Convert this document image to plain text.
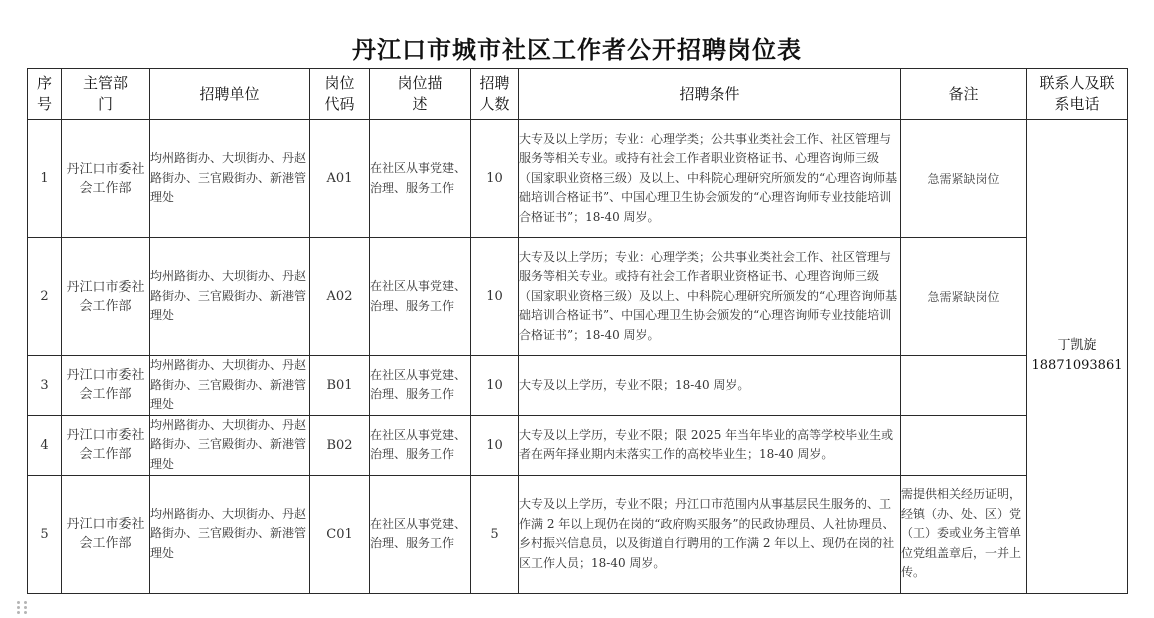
丹江口市城市社区工作者公开招聘岗位表
序号	主管部门	招聘单位	岗位代码	岗位描述	招聘人数	招聘条件	备注	联系人及联系电话
1	丹江口市委社会工作部	均州路街办、大坝街办、丹赵路街办、三官殿街办、新港管理处	A01	在社区从事党建、治理、服务工作	10	大专及以上学历；专业：心理学类；公共事业类社会工作、社区管理与服务等相关专业。或持有社会工作者职业资格证书、心理咨询师三级（国家职业资格三级）及以上、中科院心理研究所颁发的“心理咨询师基础培训合格证书”、中国心理卫生协会颁发的“心理咨询师专业技能培训合格证书”；18-40 周岁。	急需紧缺岗位	丁凯旋
18871093861

2	丹江口市委社会工作部	均州路街办、大坝街办、丹赵路街办、三官殿街办、新港管理处	A02	在社区从事党建、治理、服务工作	10	大专及以上学历；专业：心理学类；公共事业类社会工作、社区管理与服务等相关专业。或持有社会工作者职业资格证书、心理咨询师三级（国家职业资格三级）及以上、中科院心理研究所颁发的“心理咨询师基础培训合格证书”、中国心理卫生协会颁发的“心理咨询师专业技能培训合格证书”；18-40 周岁。	急需紧缺岗位	
3	丹江口市委社会工作部	均州路街办、大坝街办、丹赵路街办、三官殿街办、新港管理处	B01	在社区从事党建、治理、服务工作	10	大专及以上学历，专业不限；18-40 周岁。		
4	丹江口市委社会工作部	均州路街办、大坝街办、丹赵路街办、三官殿街办、新港管理处	B02	在社区从事党建、治理、服务工作	10	大专及以上学历，专业不限；限 2025 年当年毕业的高等学校毕业生或者在两年择业期内未落实工作的高校毕业生；18-40 周岁。		
5	丹江口市委社会工作部	均州路街办、大坝街办、丹赵路街办、三官殿街办、新港管理处	C01	在社区从事党建、治理、服务工作	5	大专及以上学历，专业不限；丹江口市范围内从事基层民生服务的、工作满 2 年以上现仍在岗的“政府购买服务”的民政协理员、人社协理员、乡村振兴信息员，以及街道自行聘用的工作满 2 年以上、现仍在岗的社区工作人员；18-40 周岁。	需提供相关经历证明，经镇（办、处、区）党（工）委或业务主管单位党组盖章后，一并上传。	
